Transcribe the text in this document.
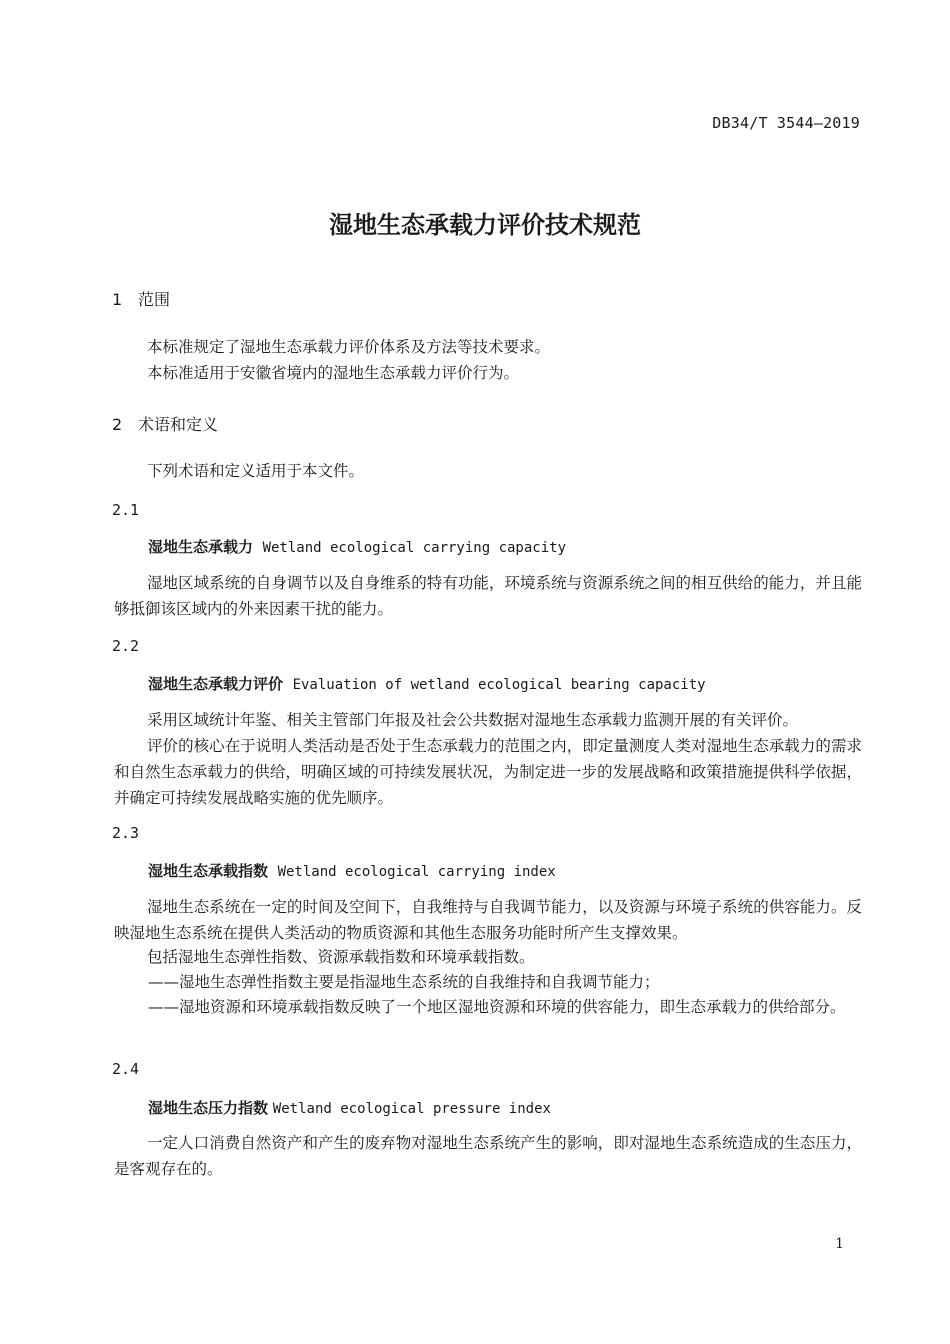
DB34/T 3544—2019
湿地生态承载力评价技术规范
1 范围
本标准规定了湿地生态承载力评价体系及方法等技术要求。
本标准适用于安徽省境内的湿地生态承载力评价行为。
2 术语和定义
下列术语和定义适用于本文件。
2.1
湿地生态承载力 Wetland ecological carrying capacity
湿地区域系统的自身调节以及自身维系的特有功能，环境系统与资源系统之间的相互供给的能力，并且能够抵御该区域内的外来因素干扰的能力。
2.2
湿地生态承载力评价 Evaluation of wetland ecological bearing capacity
采用区域统计年鉴、相关主管部门年报及社会公共数据对湿地生态承载力监测开展的有关评价。
评价的核心在于说明人类活动是否处于生态承载力的范围之内，即定量测度人类对湿地生态承载力的需求和自然生态承载力的供给，明确区域的可持续发展状况，为制定进一步的发展战略和政策措施提供科学依据，并确定可持续发展战略实施的优先顺序。
2.3
湿地生态承载指数 Wetland ecological carrying index
湿地生态系统在一定的时间及空间下，自我维持与自我调节能力，以及资源与环境子系统的供容能力。反映湿地生态系统在提供人类活动的物质资源和其他生态服务功能时所产生支撑效果。
包括湿地生态弹性指数、资源承载指数和环境承载指数。
——湿地生态弹性指数主要是指湿地生态系统的自我维持和自我调节能力；
——湿地资源和环境承载指数反映了一个地区湿地资源和环境的供容能力，即生态承载力的供给部分。
2.4
湿地生态压力指数 Wetland ecological pressure index
一定人口消费自然资产和产生的废弃物对湿地生态系统产生的影响，即对湿地生态系统造成的生态压力，是客观存在的。
1
